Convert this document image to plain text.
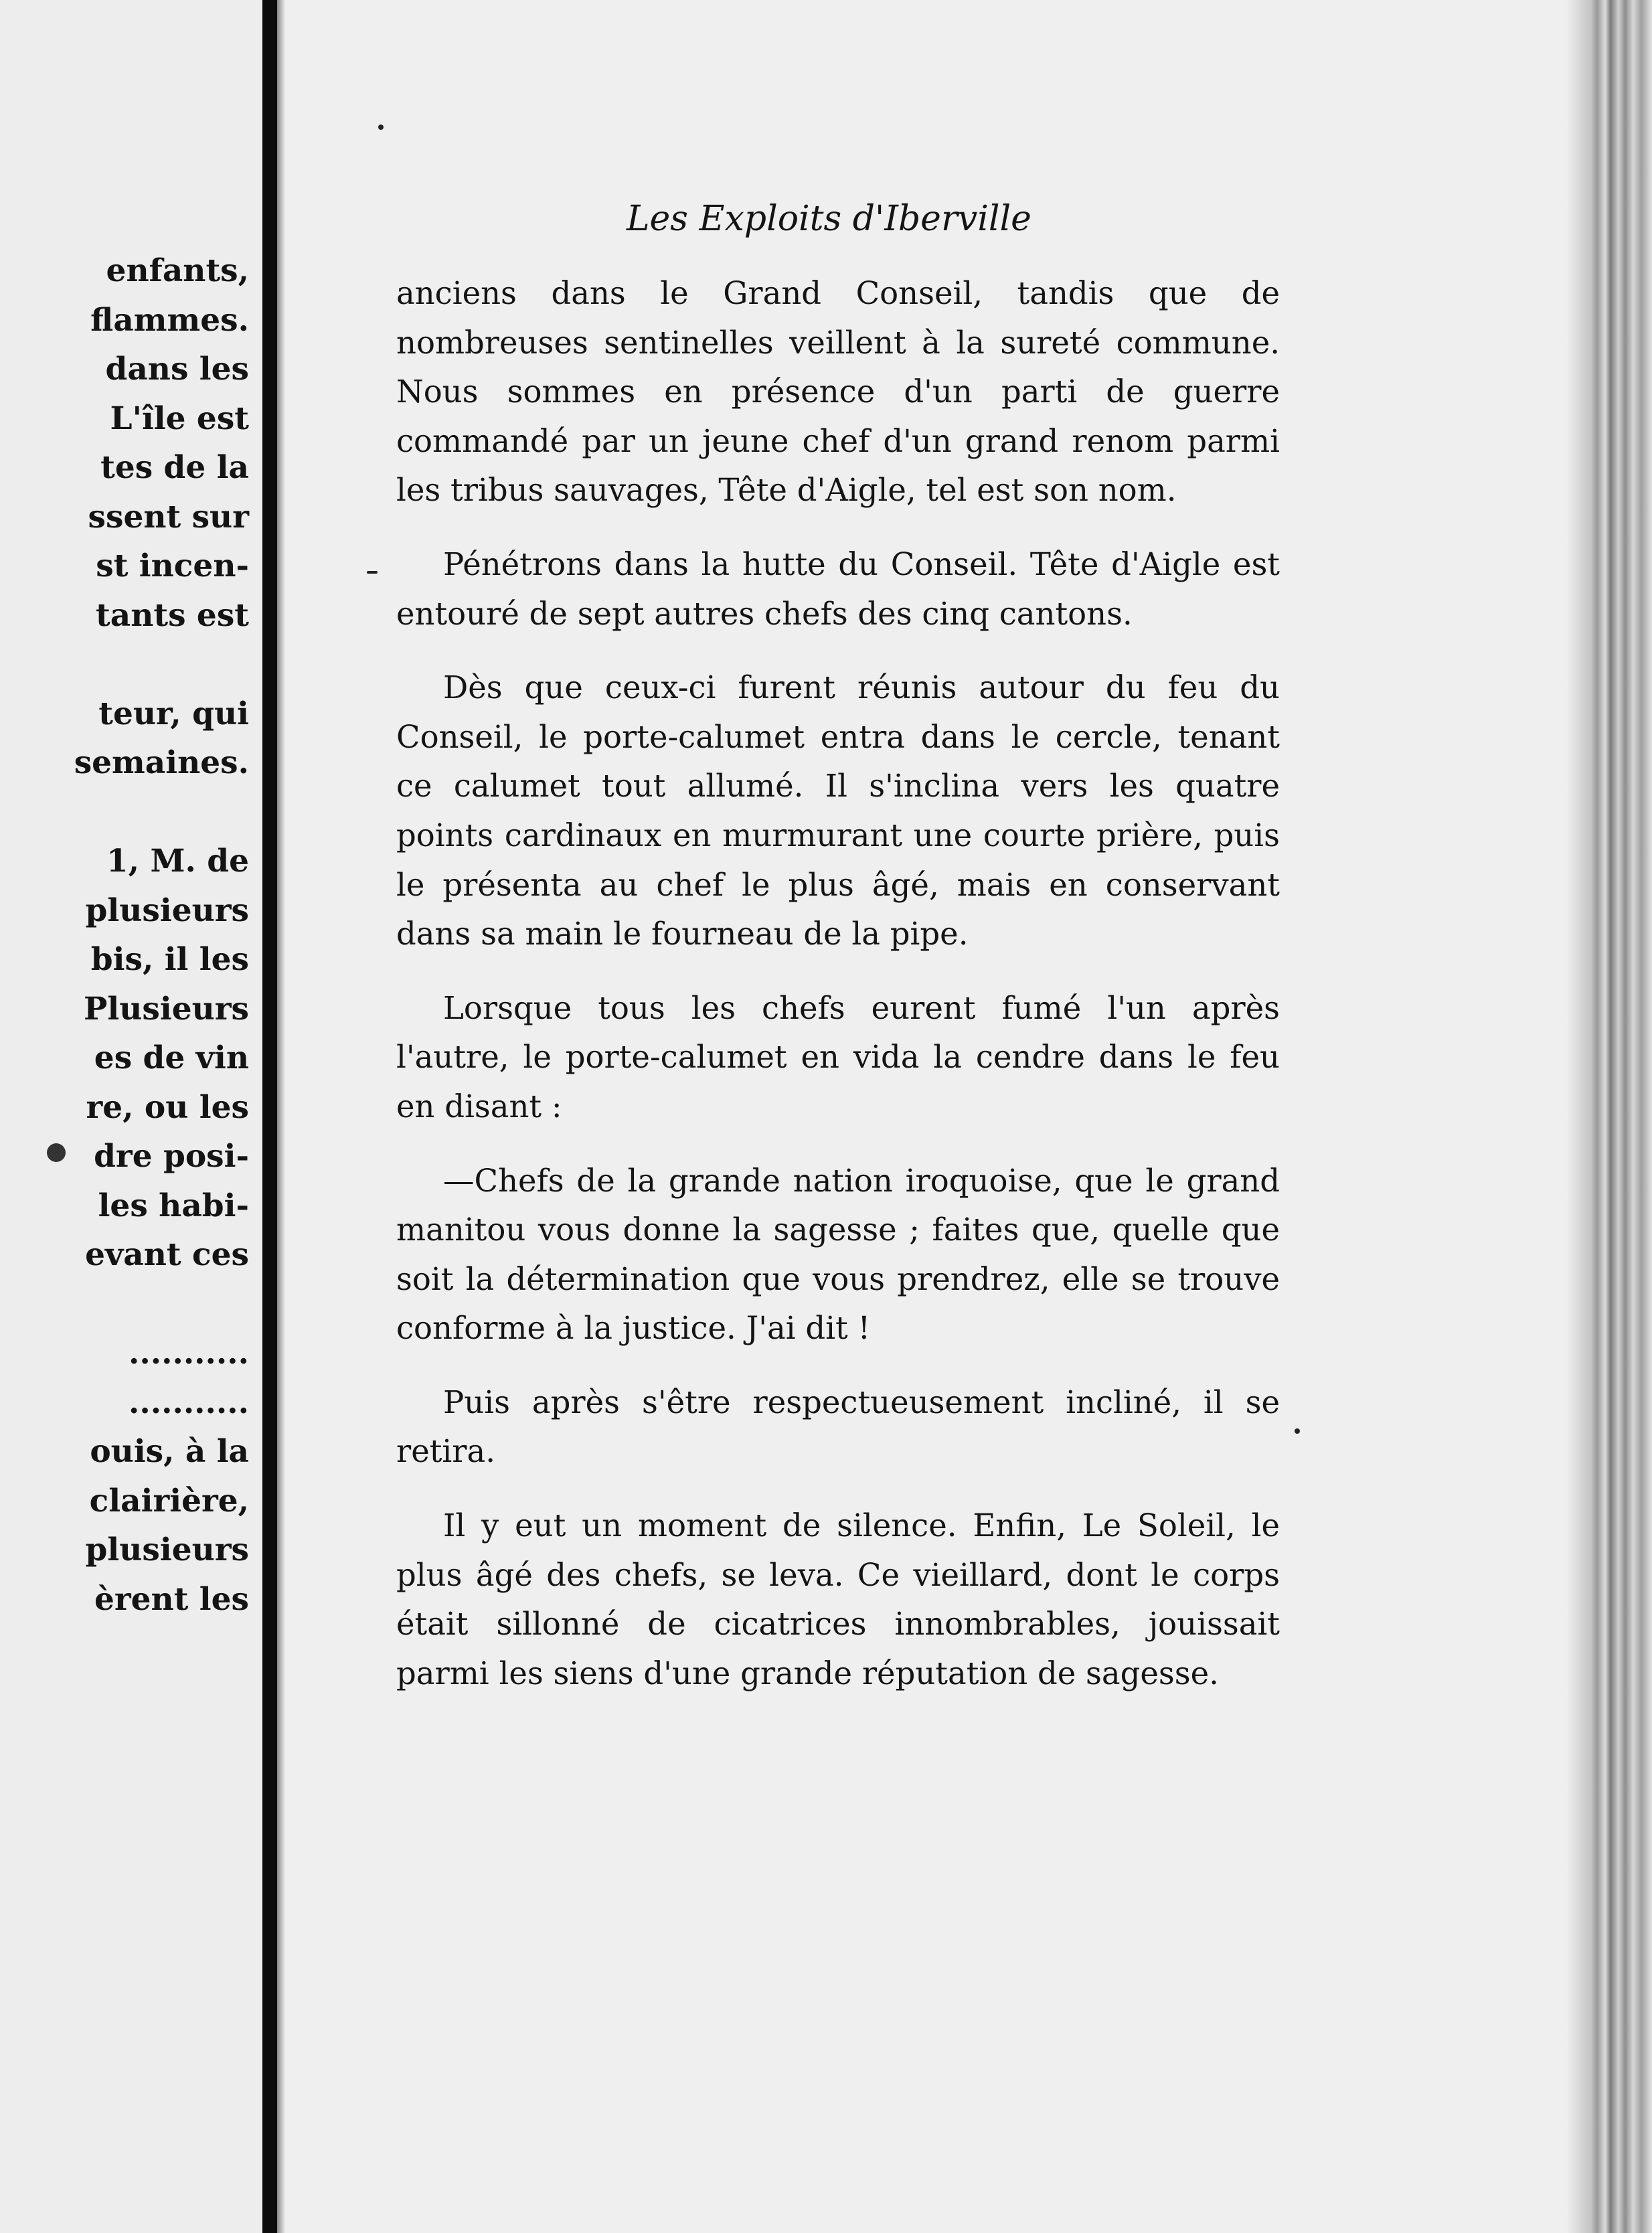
enfants,
flammes.
dans les
L'île est
tes de la
ssent sur
st incen-
tants est
teur, qui
semaines.
1, M. de
plusieurs
bis, il les
Plusieurs
es de vin
re, ou les
dre posi-
les habi-
evant ces
...........
...........
ouis, à la
clairière,
plusieurs
èrent les
Les Exploits d'Iberville

anciens dans le Grand Conseil, tandis que de nombreuses sentinelles veillent à la sureté commune. Nous sommes en présence d'un parti de guerre commandé par un jeune chef d'un grand renom parmi les tribus sauvages, Tête d'Aigle, tel est son nom.

Pénétrons dans la hutte du Conseil. Tête d'Aigle est entouré de sept autres chefs des cinq cantons.

Dès que ceux-ci furent réunis autour du feu du Conseil, le porte-calumet entra dans le cercle, tenant ce calumet tout allumé. Il s'inclina vers les quatre points cardinaux en murmurant une courte prière, puis le présenta au chef le plus âgé, mais en conservant dans sa main le fourneau de la pipe.

Lorsque tous les chefs eurent fumé l'un après l'autre, le porte-calumet en vida la cendre dans le feu en disant :

—Chefs de la grande nation iroquoise, que le grand manitou vous donne la sagesse ; faites que, quelle que soit la détermination que vous prendrez, elle se trouve conforme à la justice. J'ai dit !

Puis après s'être respectueusement incliné, il se retira.

Il y eut un moment de silence. Enfin, Le Soleil, le plus âgé des chefs, se leva. Ce vieillard, dont le corps était sillonné de cicatrices innombrables, jouissait parmi les siens d'une grande réputation de sagesse.
